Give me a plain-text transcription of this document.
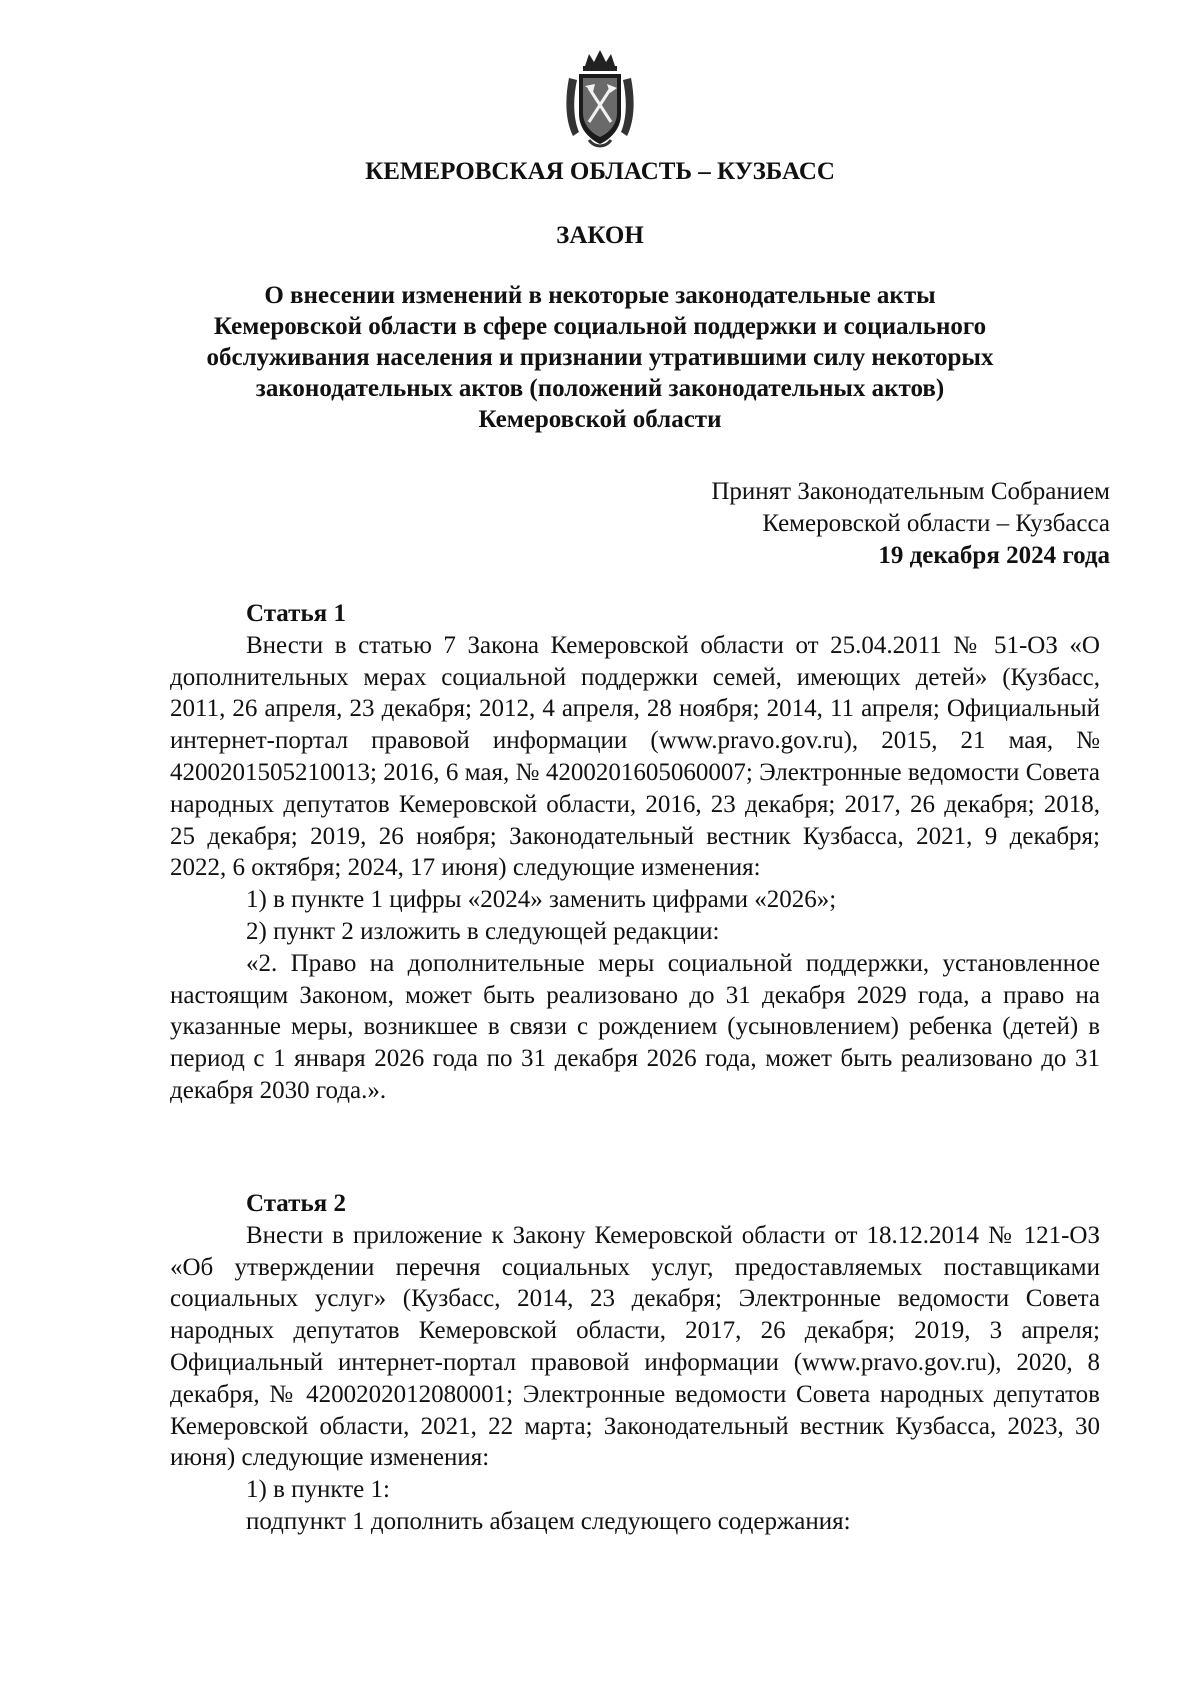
КЕМЕРОВСКАЯ ОБЛАСТЬ – КУЗБАСС
ЗАКОН
О внесении изменений в некоторые законодательные акты
Кемеровской области в сфере социальной поддержки и социального
обслуживания населения и признании утратившими силу некоторых
законодательных актов (положений законодательных актов)
Кемеровской области
Принят Законодательным Собранием
Кемеровской области – Кузбасса
19 декабря 2024 года
Статья 1

Внести в статью 7 Закона Кемеровской области от 25.04.2011 № 51-ОЗ «О дополнительных мерах социальной поддержки семей, имеющих детей» (Кузбасс, 2011, 26 апреля, 23 декабря; 2012, 4 апреля, 28 ноября; 2014, 11 апреля; Официальный интернет-портал правовой информации (www.pravo.gov.ru), 2015, 21 мая, № 4200201505210013; 2016, 6 мая, № 4200201605060007; Электронные ведомости Совета народных депутатов Кемеровской области, 2016, 23 декабря; 2017, 26 декабря; 2018, 25 декабря; 2019, 26 ноября; Законодательный вестник Кузбасса, 2021, 9 декабря; 2022, 6 октября; 2024, 17 июня) следующие изменения:

1) в пункте 1 цифры «2024» заменить цифрами «2026»;

2) пункт 2 изложить в следующей редакции:

«2. Право на дополнительные меры социальной поддержки, установленное настоящим Законом, может быть реализовано до 31 декабря 2029 года, а право на указанные меры, возникшее в связи с рождением (усыновлением) ребенка (детей) в период с 1 января 2026 года по 31 декабря 2026 года, может быть реализовано до 31 декабря 2030 года.».

Статья 2

Внести в приложение к Закону Кемеровской области от 18.12.2014 № 121-ОЗ «Об утверждении перечня социальных услуг, предоставляемых поставщиками социальных услуг» (Кузбасс, 2014, 23 декабря; Электронные ведомости Совета народных депутатов Кемеровской области, 2017, 26 декабря; 2019, 3 апреля; Официальный интернет-портал правовой информации (www.pravo.gov.ru), 2020, 8 декабря, № 4200202012080001; Электронные ведомости Совета народных депутатов Кемеровской области, 2021, 22 марта; Законодательный вестник Кузбасса, 2023, 30 июня) следующие изменения:

1) в пункте 1:

подпункт 1 дополнить абзацем следующего содержания:
